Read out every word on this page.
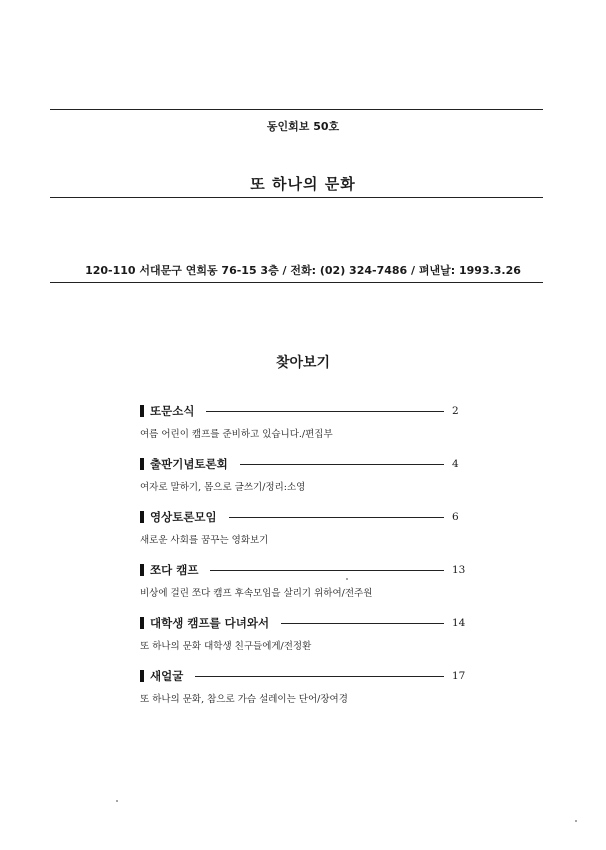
동인회보 50호
또 하나의 문화
120-110 서대문구 연희동 76-15 3층 / 전화: (02) 324-7486 / 펴낸날: 1993.3.26
찾아보기
또문소식	2
여름 어린이 캠프를 준비하고 있습니다./편집부
출판기념토론회	4
여자로 말하기, 몸으로 글쓰기/정리:소영
영상토론모임	6
새로운 사회를 꿈꾸는 영화보기
쪼다 캠프	13
비상에 걸린 쪼다 캠프 후속모임을 살리기 위하여/전주원
대학생 캠프를 다녀와서	14
또 하나의 문화 대학생 친구들에게/전정환
새얼굴	17
또 하나의 문화, 참으로 가슴 설레이는 단어/장여경
